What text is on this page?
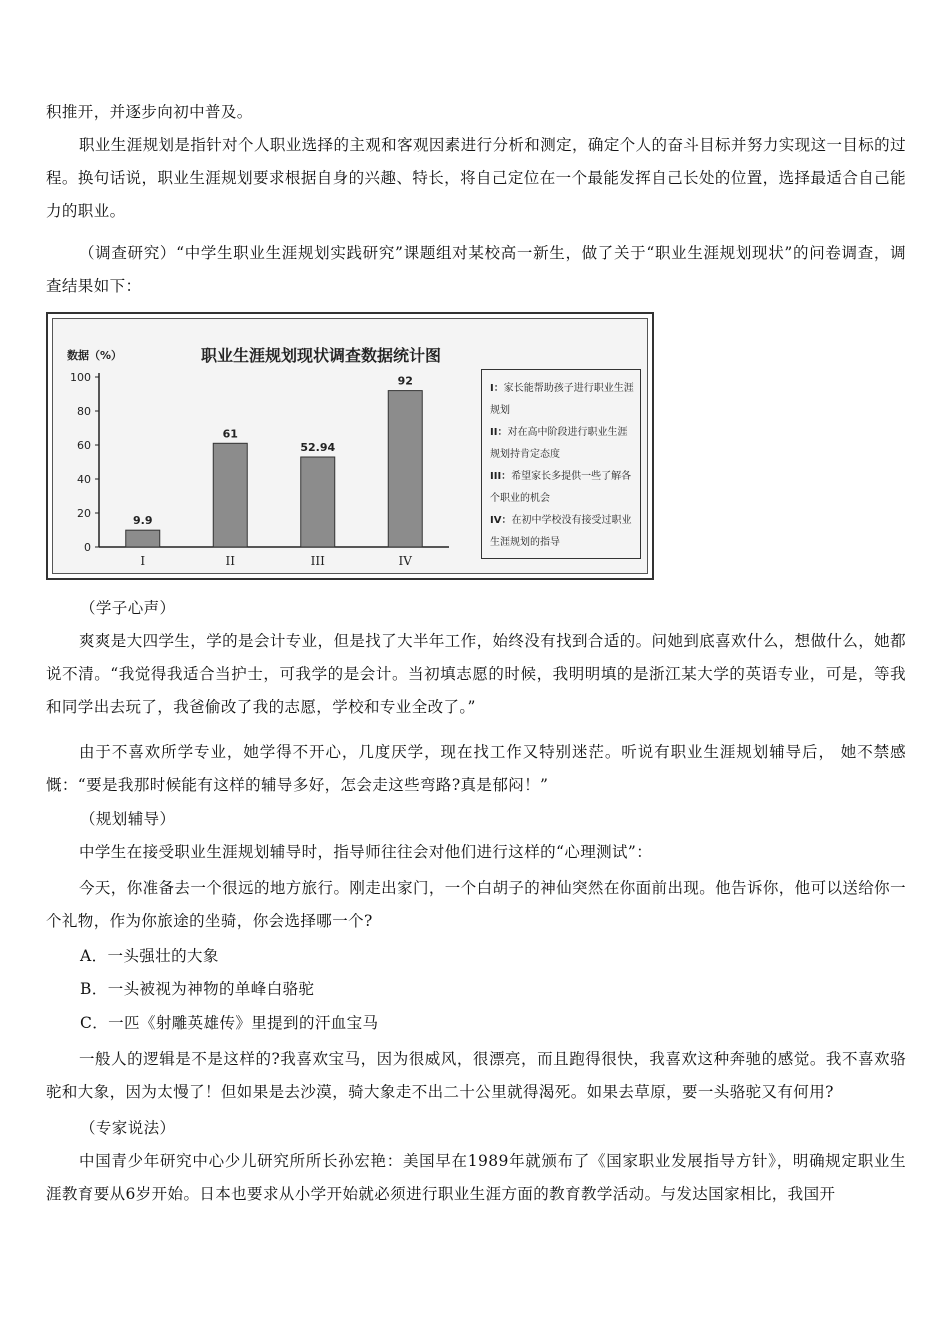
积推开，并逐步向初中普及。

职业生涯规划是指针对个人职业选择的主观和客观因素进行分析和测定，确定个人的奋斗目标并努力实现这一目标的过程。换句话说，职业生涯规划要求根据自身的兴趣、特长，将自己定位在一个最能发挥自己长处的位置，选择最适合自己能力的职业。

（调查研究）“中学生职业生涯规划实践研究”课题组对某校高一新生，做了关于“职业生涯规划现状”的问卷调查，调查结果如下：

数据（%）	职业生涯规划现状调查数据统计图

0
20
40
60
80
100
9.9
I
61
II
52.94
III
92
IV

I：家长能帮助孩子进行职业生涯规划

II：对在高中阶段进行职业生涯规划持肯定态度

III：希望家长多提供一些了解各个职业的机会

IV：在初中学校没有接受过职业生涯规划的指导

（学子心声）

爽爽是大四学生，学的是会计专业，但是找了大半年工作，始终没有找到合适的。问她到底喜欢什么，想做什么，她都说不清。“我觉得我适合当护士，可我学的是会计。当初填志愿的时候，我明明填的是浙江某大学的英语专业，可是，等我和同学出去玩了，我爸偷改了我的志愿，学校和专业全改了。”

由于不喜欢所学专业，她学得不开心，几度厌学，现在找工作又特别迷茫。听说有职业生涯规划辅导后， 她不禁感慨：“要是我那时候能有这样的辅导多好，怎会走这些弯路?真是郁闷！”

（规划辅导）

中学生在接受职业生涯规划辅导时，指导师往往会对他们进行这样的“心理测试”：

今天，你准备去一个很远的地方旅行。刚走出家门，一个白胡子的神仙突然在你面前出现。他告诉你，他可以送给你一个礼物，作为你旅途的坐骑，你会选择哪一个?

A．一头强壮的大象

B．一头被视为神物的单峰白骆驼

C．一匹《射雕英雄传》里提到的汗血宝马

一般人的逻辑是不是这样的?我喜欢宝马，因为很威风，很漂亮，而且跑得很快，我喜欢这种奔驰的感觉。我不喜欢骆驼和大象，因为太慢了！但如果是去沙漠，骑大象走不出二十公里就得渴死。如果去草原，要一头骆驼又有何用?

（专家说法）

中国青少年研究中心少儿研究所所长孙宏艳：美国早在1989年就颁布了《国家职业发展指导方针》，明确规定职业生涯教育要从6岁开始。日本也要求从小学开始就必须进行职业生涯方面的教育教学活动。与发达国家相比，我国开
